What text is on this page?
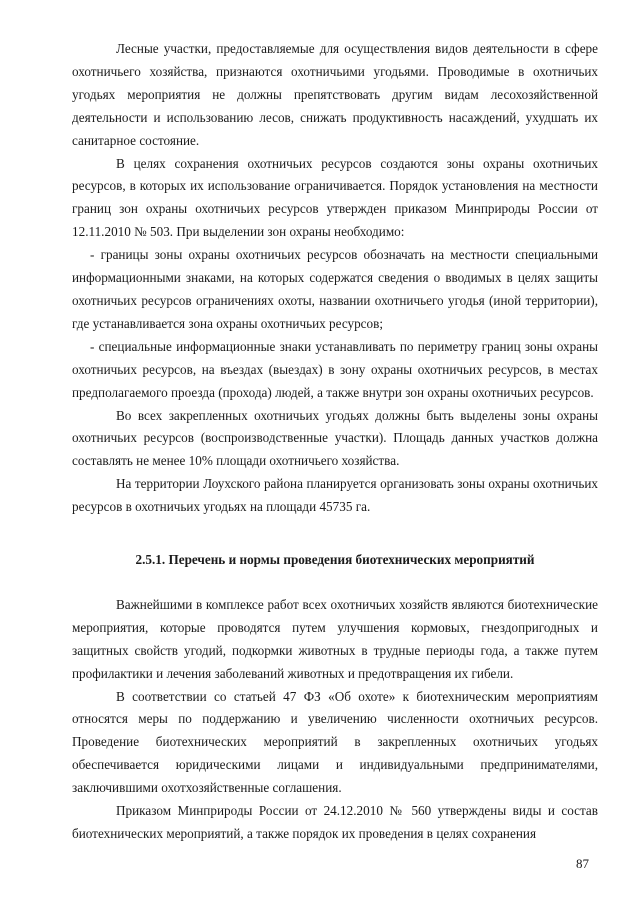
Лесные участки, предоставляемые для осуществления видов деятельности в сфере охотничьего хозяйства, признаются охотничьими угодьями. Проводимые в охотничьих угодьях мероприятия не должны препятствовать другим видам лесохозяйственной деятельности и использованию лесов, снижать продуктивность насаждений, ухудшать их санитарное состояние.

В целях сохранения охотничьих ресурсов создаются зоны охраны охотничьих ресурсов, в которых их использование ограничивается. Порядок установления на местности границ зон охраны охотничьих ресурсов утвержден приказом Минприроды России от 12.11.2010 № 503. При выделении зон охраны необходимо:

- границы зоны охраны охотничьих ресурсов обозначать на местности специальными информационными знаками, на которых содержатся сведения о вводимых в целях защиты охотничьих ресурсов ограничениях охоты, названии охотничьего угодья (иной территории), где устанавливается зона охраны охотничьих ресурсов;

- специальные информационные знаки устанавливать по периметру границ зоны охраны охотничьих ресурсов, на въездах (выездах) в зону охраны охотничьих ресурсов, в местах предполагаемого проезда (прохода) людей, а также внутри зон охраны охотничьих ресурсов.

Во всех закрепленных охотничьих угодьях должны быть выделены зоны охраны охотничьих ресурсов (воспроизводственные участки). Площадь данных участков должна составлять не менее 10% площади охотничьего хозяйства.

На территории Лоухского района планируется организовать зоны охраны охотничьих ресурсов в охотничьих угодьях на площади 45735 га.

2.5.1. Перечень и нормы проведения биотехнических мероприятий

Важнейшими в комплексе работ всех охотничьих хозяйств являются биотехнические мероприятия, которые проводятся путем улучшения кормовых, гнездопригодных и защитных свойств угодий, подкормки животных в трудные периоды года, а также путем профилактики и лечения заболеваний животных и предотвращения их гибели.

В соответствии со статьей 47 ФЗ «Об охоте» к биотехническим мероприятиям относятся меры по поддержанию и увеличению численности охотничьих ресурсов. Проведение биотехнических мероприятий в закрепленных охотничьих угодьях обеспечивается юридическими лицами и индивидуальными предпринимателями, заключившими охотхозяйственные соглашения.

Приказом Минприроды России от 24.12.2010 № 560 утверждены виды и состав биотехнических мероприятий, а также порядок их проведения в целях сохранения

87
